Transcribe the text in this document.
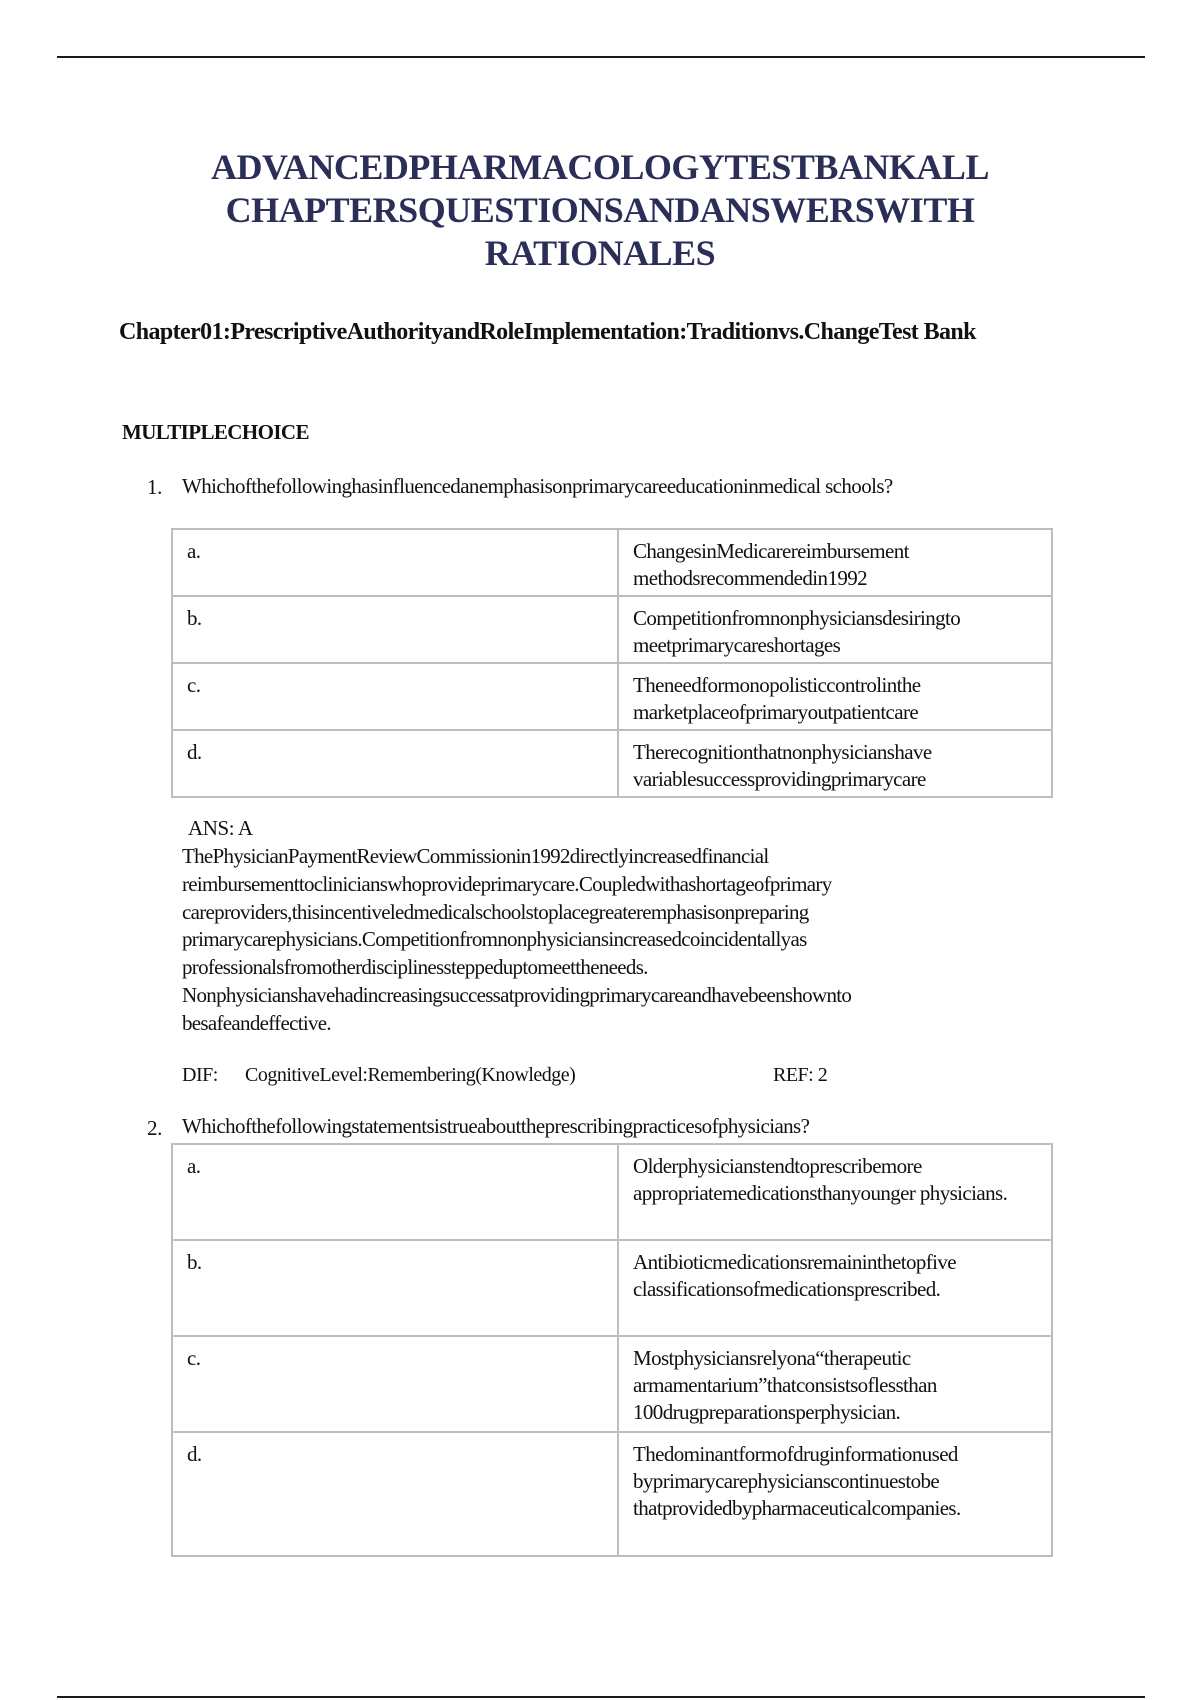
ADVANCEDPHARMACOLOGYTESTBANKALL
CHAPTERSQUESTIONSANDANSWERSWITH
RATIONALES
Chapter01:PrescriptiveAuthorityandRoleImplementation:Traditionvs.ChangeTest Bank
MULTIPLECHOICE
1. Whichofthefollowinghasinfluencedanemphasisonprimarycareeducationinmedical schools?
a.	ChangesinMedicarereimbursement methodsrecommendedin1992
b.	Competitionfromnonphysiciansdesiringto meetprimarycareshortages
c.	Theneedformonopolisticcontrolinthe marketplaceofprimaryoutpatientcare
d.	Therecognitionthatnonphysicianshave variablesuccessprovidingprimarycare
ANS: A
ThePhysicianPaymentReviewCommissionin1992directlyincreasedfinancial
reimbursementtoclinicianswhoprovideprimarycare.Coupledwithashortageofprimary
careproviders,thisincentiveledmedicalschoolstoplacegreateremphasisonpreparing
primarycarephysicians.Competitionfromnonphysiciansincreasedcoincidentallyas
professionalsfromotherdisciplinessteppeduptomeettheneeds.
Nonphysicianshavehadincreasingsuccessatprovidingprimarycareandhavebeenshownto
besafeandeffective.
DIF: CognitiveLevel:Remembering(Knowledge)	REF: 2
2. Whichofthefollowingstatementsistrueabouttheprescribingpracticesofphysicians?
a.	Olderphysicianstendtoprescribemore appropriatemedicationsthanyounger physicians.
b.	Antibioticmedicationsremaininthetopfive classificationsofmedicationsprescribed.
c.	Mostphysiciansrelyona“therapeutic armamentarium”thatconsistsoflessthan 100drugpreparationsperphysician.
d.	Thedominantformofdruginformationused byprimarycarephysicianscontinuestobe thatprovidedbypharmaceuticalcompanies.
